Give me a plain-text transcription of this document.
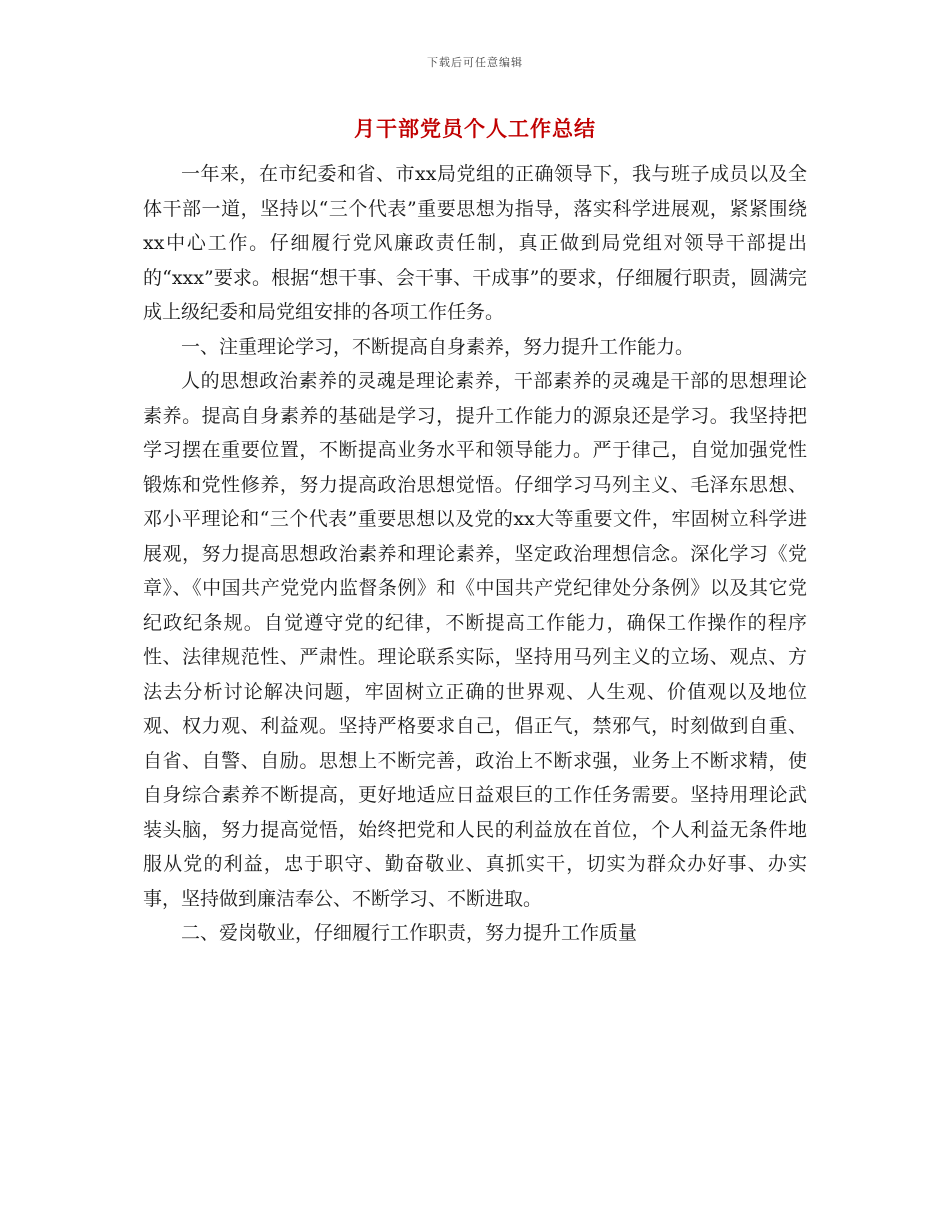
下载后可任意编辑
月干部党员个人工作总结

一年来，在市纪委和省、市xx局党组的正确领导下，我与班子成员以及全体干部一道，坚持以“三个代表”重要思想为指导，落实科学进展观，紧紧围绕xx中心工作。仔细履行党风廉政责任制，真正做到局党组对领导干部提出的“xxx”要求。根据“想干事、会干事、干成事”的要求，仔细履行职责，圆满完成上级纪委和局党组安排的各项工作任务。

一、注重理论学习，不断提高自身素养，努力提升工作能力。

人的思想政治素养的灵魂是理论素养，干部素养的灵魂是干部的思想理论素养。提高自身素养的基础是学习，提升工作能力的源泉还是学习。我坚持把学习摆在重要位置，不断提高业务水平和领导能力。严于律己，自觉加强党性锻炼和党性修养，努力提高政治思想觉悟。仔细学习马列主义、毛泽东思想、邓小平理论和“三个代表”重要思想以及党的xx大等重要文件，牢固树立科学进展观，努力提高思想政治素养和理论素养，坚定政治理想信念。深化学习《党章》、《中国共产党党内监督条例》和《中国共产党纪律处分条例》以及其它党纪政纪条规。自觉遵守党的纪律，不断提高工作能力，确保工作操作的程序性、法律规范性、严肃性。理论联系实际，坚持用马列主义的立场、观点、方法去分析讨论解决问题，牢固树立正确的世界观、人生观、价值观以及地位观、权力观、利益观。坚持严格要求自己，倡正气，禁邪气，时刻做到自重、自省、自警、自励。思想上不断完善，政治上不断求强，业务上不断求精，使自身综合素养不断提高，更好地适应日益艰巨的工作任务需要。坚持用理论武装头脑，努力提高觉悟，始终把党和人民的利益放在首位，个人利益无条件地服从党的利益，忠于职守、勤奋敬业、真抓实干，切实为群众办好事、办实事，坚持做到廉洁奉公、不断学习、不断进取。

二、爱岗敬业，仔细履行工作职责，努力提升工作质量
